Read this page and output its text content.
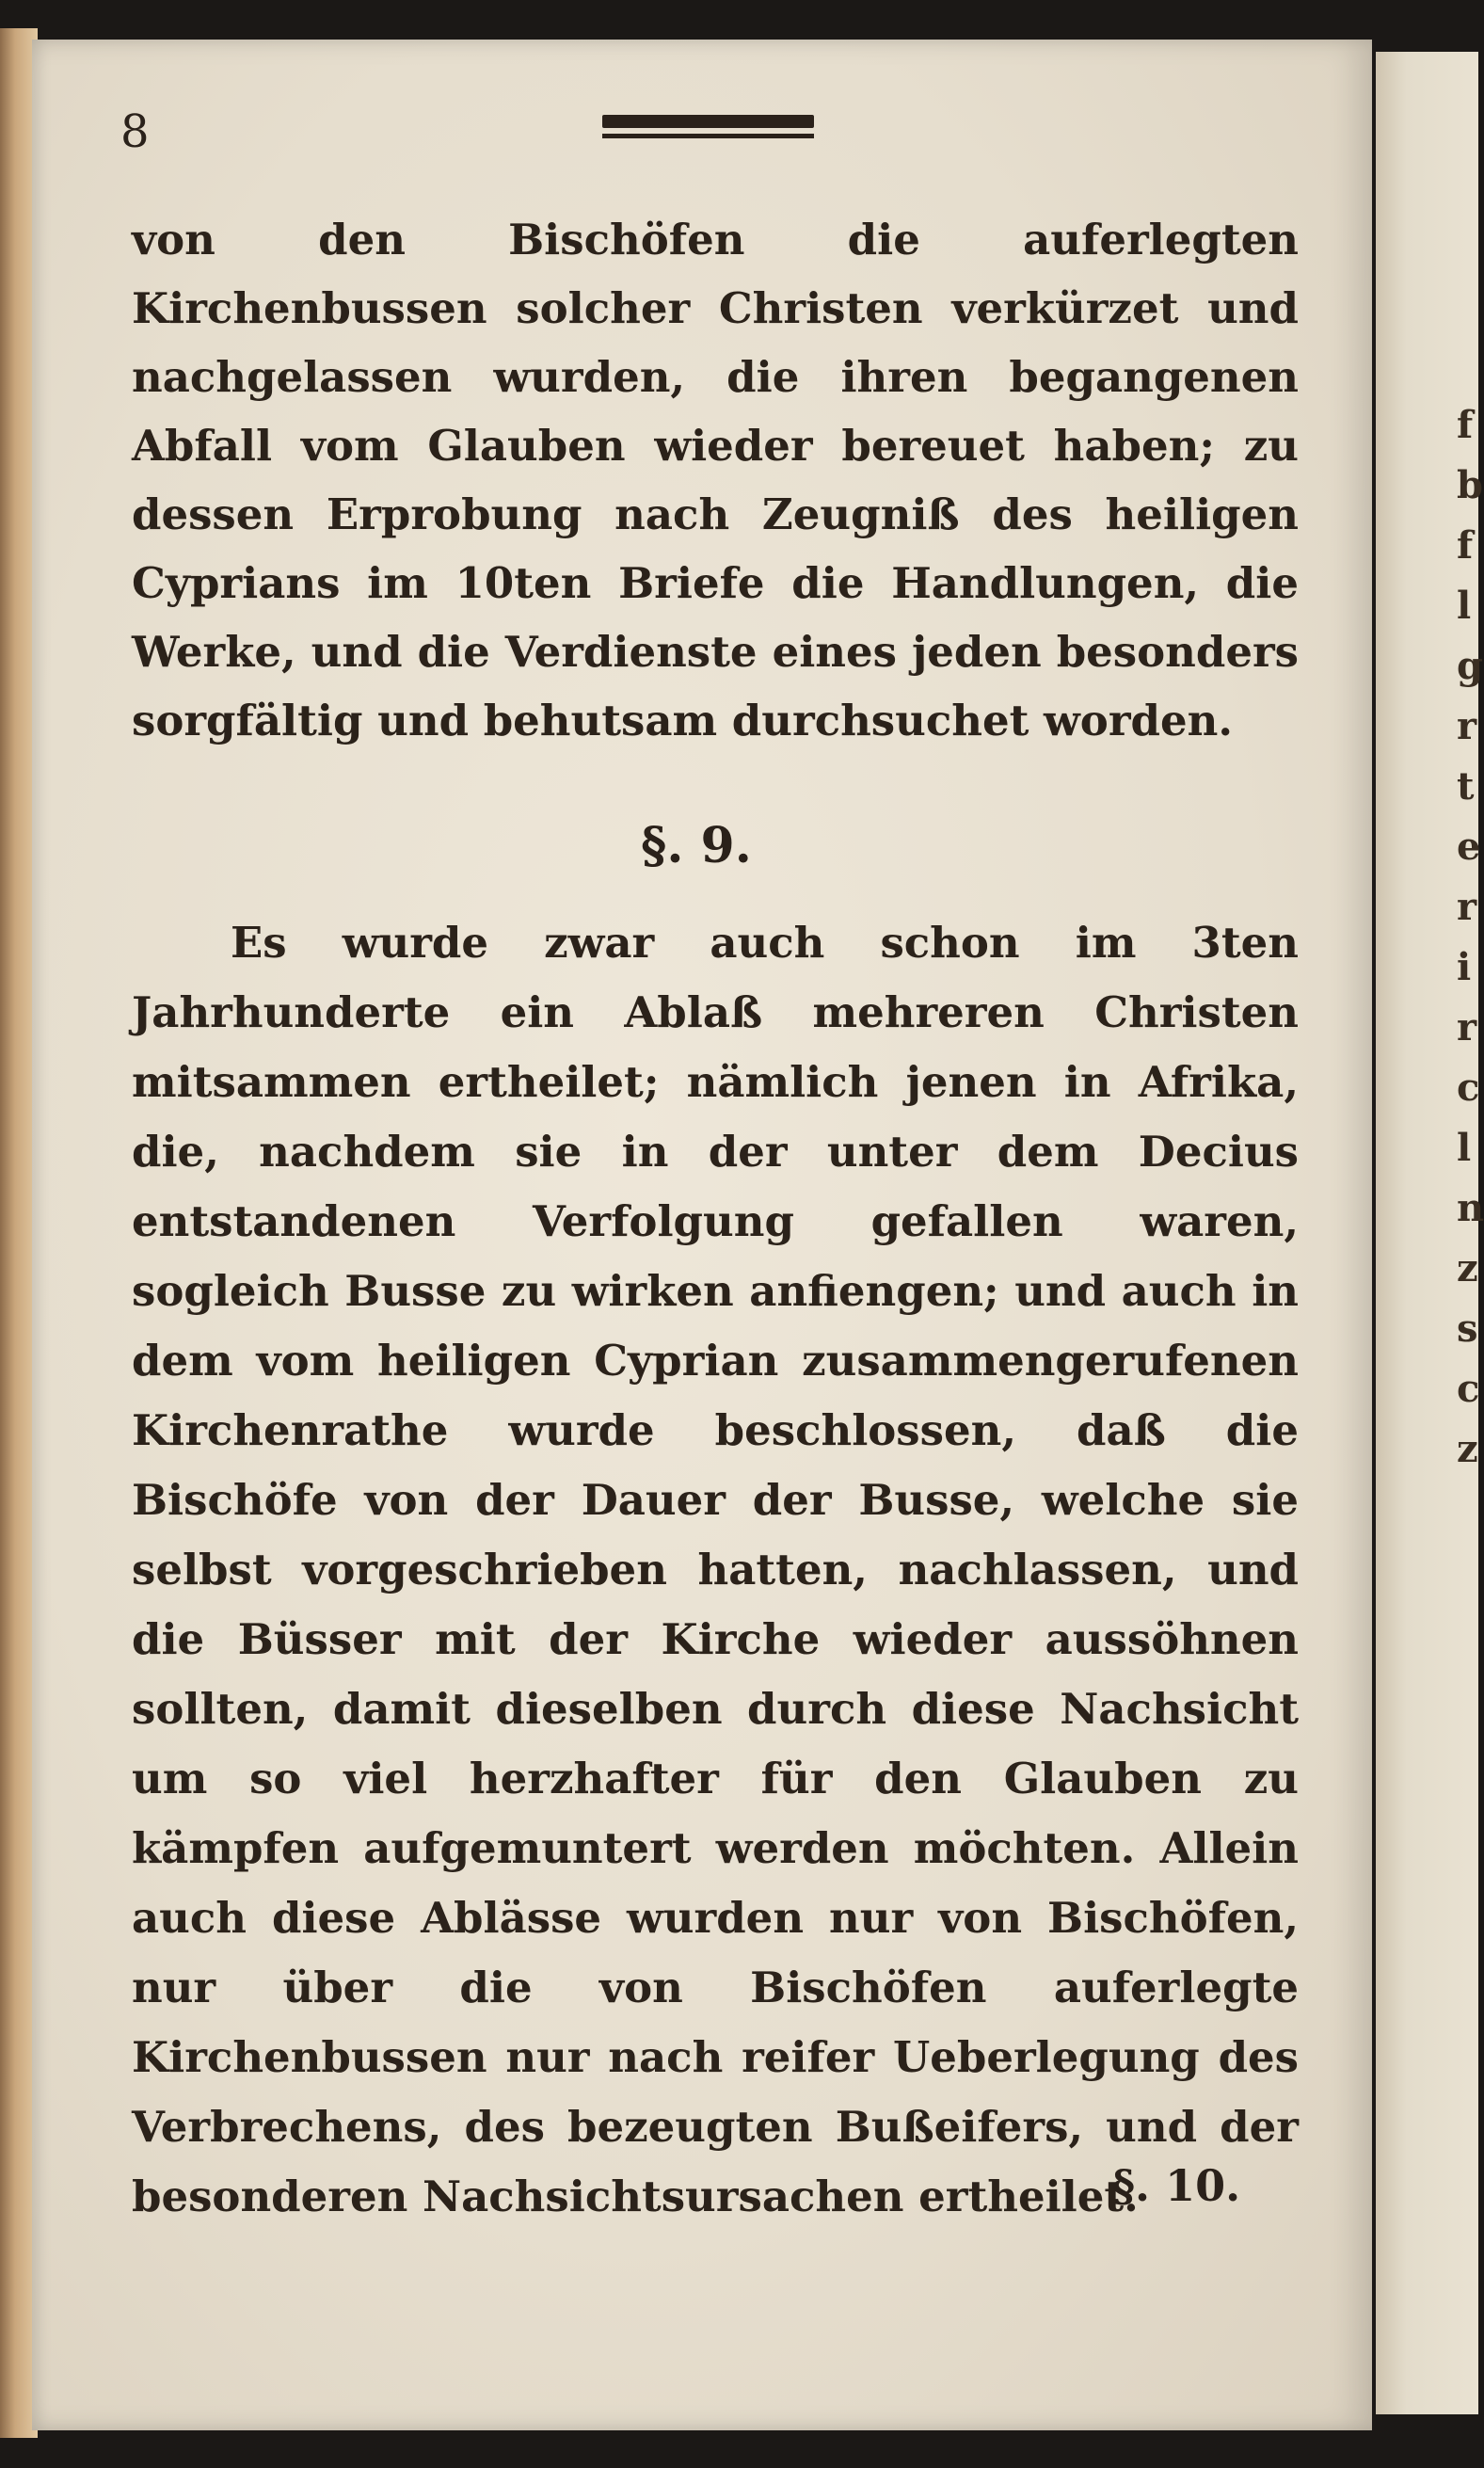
f b f l g r t e r i r c l n z s c z
8

von den Bischöfen die auferlegten Kirchenbussen solcher Christen verkürzet und nachgelassen wurden, die ihren begangenen Abfall vom Glauben wieder bereuet haben; zu dessen Erprobung nach Zeugniß des heiligen Cyprians im 10ten Briefe die Handlungen, die Werke, und die Verdienste eines jeden besonders sorgfältig und behutsam durchsuchet worden.

§. 9.

Es wurde zwar auch schon im 3ten Jahrhunderte ein Ablaß mehreren Christen mitsammen ertheilet; nämlich jenen in Afrika, die, nachdem sie in der unter dem Decius entstandenen Verfolgung gefallen waren, sogleich Busse zu wirken anfiengen; und auch in dem vom heiligen Cyprian zusammengerufenen Kirchenrathe wurde beschlossen, daß die Bischöfe von der Dauer der Busse, welche sie selbst vorgeschrieben hatten, nachlassen, und die Büsser mit der Kirche wieder aussöhnen sollten, damit dieselben durch diese Nachsicht um so viel herzhafter für den Glauben zu kämpfen aufgemuntert werden möchten. Allein auch diese Ablässe wurden nur von Bischöfen, nur über die von Bischöfen auferlegte Kirchenbussen nur nach reifer Ueberlegung des Verbrechens, des bezeugten Bußeifers, und der besonderen Nachsichtsursachen ertheilet.

§. 10.
